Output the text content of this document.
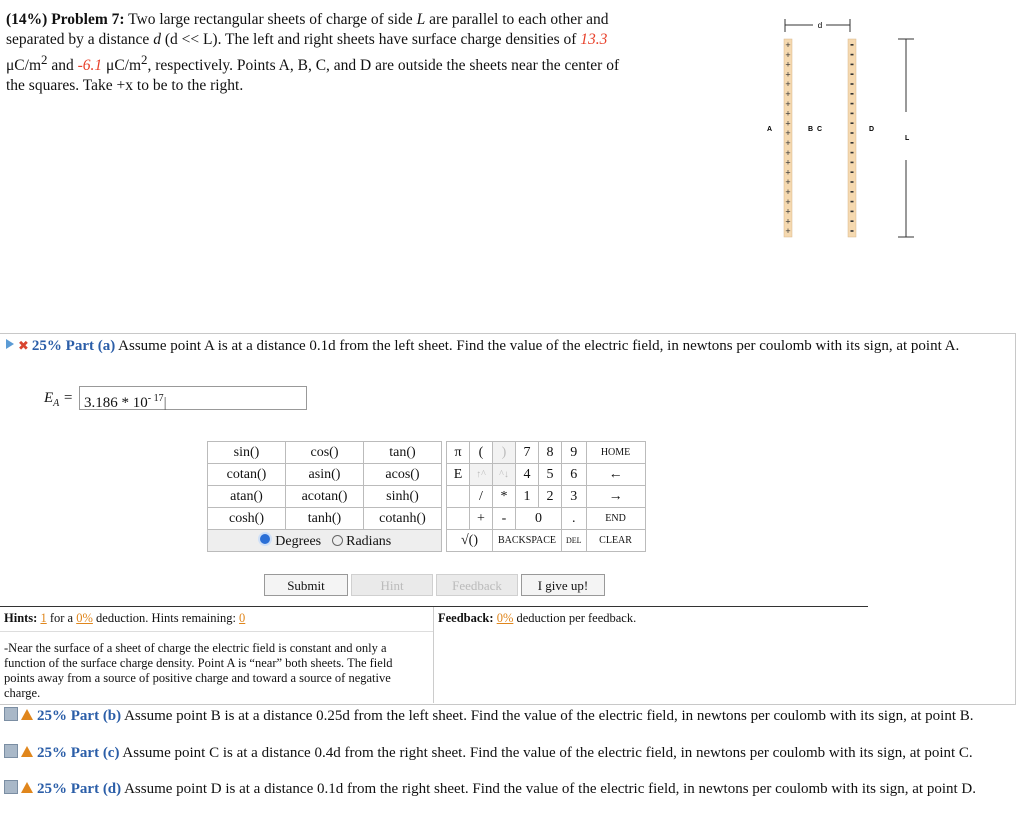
(14%) Problem 7: Two large rectangular sheets of charge of side L are parallel to each other and separated by a distance d (d << L). The left and right sheets have surface charge densities of 13.3 $\mu C/m^2$ and -6.1 $\mu C/m^2$, respectively. Points A, B, C, and D are outside the sheets near the center of the squares. Take +x to be to the right.
d
+
+
+
+
+
+
+
+
+
+
+
+
+
+
+
+
+
+
+
+
A	B C	D
L
✖ 25% Part (a) Assume point A is at a distance 0.1d from the left sheet. Find the value of the electric field, in newtons per coulomb with its sign, at point A.
$E_A = 3.186 * 10^{- 17}|$
sin()	cos()	tan()
cotan()	asin()	acos()
atan()	acotan()	sinh()
cosh()	tanh()	cotanh()
Degrees Radians		
π	(	)	7	8	9	HOME
E	↑^	^↓	4	5	6	←
	/	*	1	2	3	→
	+	-	0		.	END
√()		BACKSPACE			DEL	CLEAR
Submit	Hint	Feedback	I give up!
Hints: 1 for a 0% deduction. Hints remaining: 0	Feedback: 0% deduction per feedback.
-Near the surface of a sheet of charge the electric field is constant and only a function of the surface charge density. Point A is “near” both sheets. The field points away from a source of positive charge and toward a source of negative charge.
25% Part (b) Assume point B is at a distance 0.25d from the left sheet. Find the value of the electric field, in newtons per coulomb with its sign, at point B.
25% Part (c) Assume point C is at a distance 0.4d from the right sheet. Find the value of the electric field, in newtons per coulomb with its sign, at point C.
25% Part (d) Assume point D is at a distance 0.1d from the right sheet. Find the value of the electric field, in newtons per coulomb with its sign, at point D.
